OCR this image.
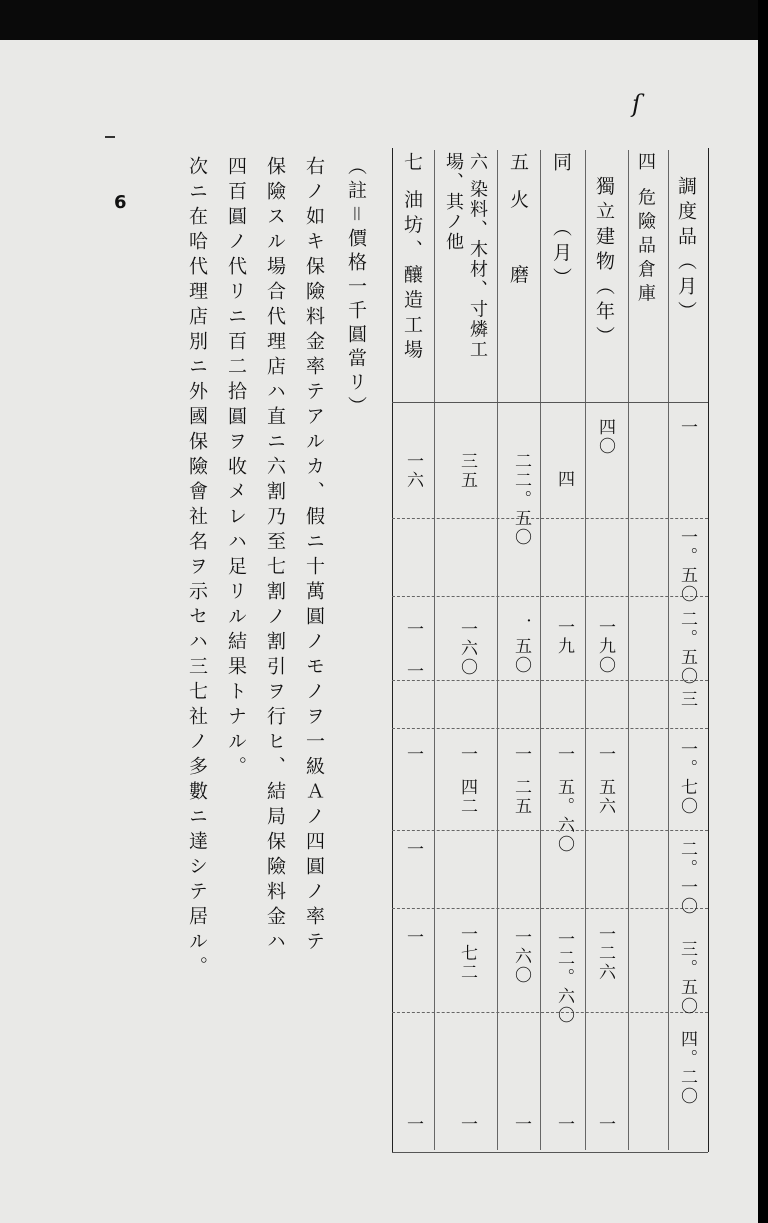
ſ
6	調度品（月）
四 危險品倉庫
獨立建物（年）
同　　（月）
五 火　　磨
六 染料、木材、寸燐工場、其ノ他
七 油坊、釀造工場
一
一。五〇
二。五〇
三
一。七〇
二。一〇
三。五〇
四。二〇
四〇
一九〇
一
五六
一二六
一
四
一九
一
五。六〇
一二。六〇
一
二二。五〇
．五〇
一
二五
一六〇
一
三五
一六〇
一
四二
一七二
一
一六
一
一
一
一
一
一
（註＝價格一千圓當リ）
右ノ如キ保險料金率テアルカ、假ニ十萬圓ノモノヲ一級Ａノ四圓ノ率テ
保險スル場合代理店ハ直ニ六割乃至七割ノ割引ヲ行ヒ、結局保險料金ハ
四百圓ノ代リニ百二拾圓ヲ收メレハ足リル結果トナル。
次ニ在哈代理店別ニ外國保險會社名ヲ示セハ三七社ノ多數ニ達シテ居ル。
